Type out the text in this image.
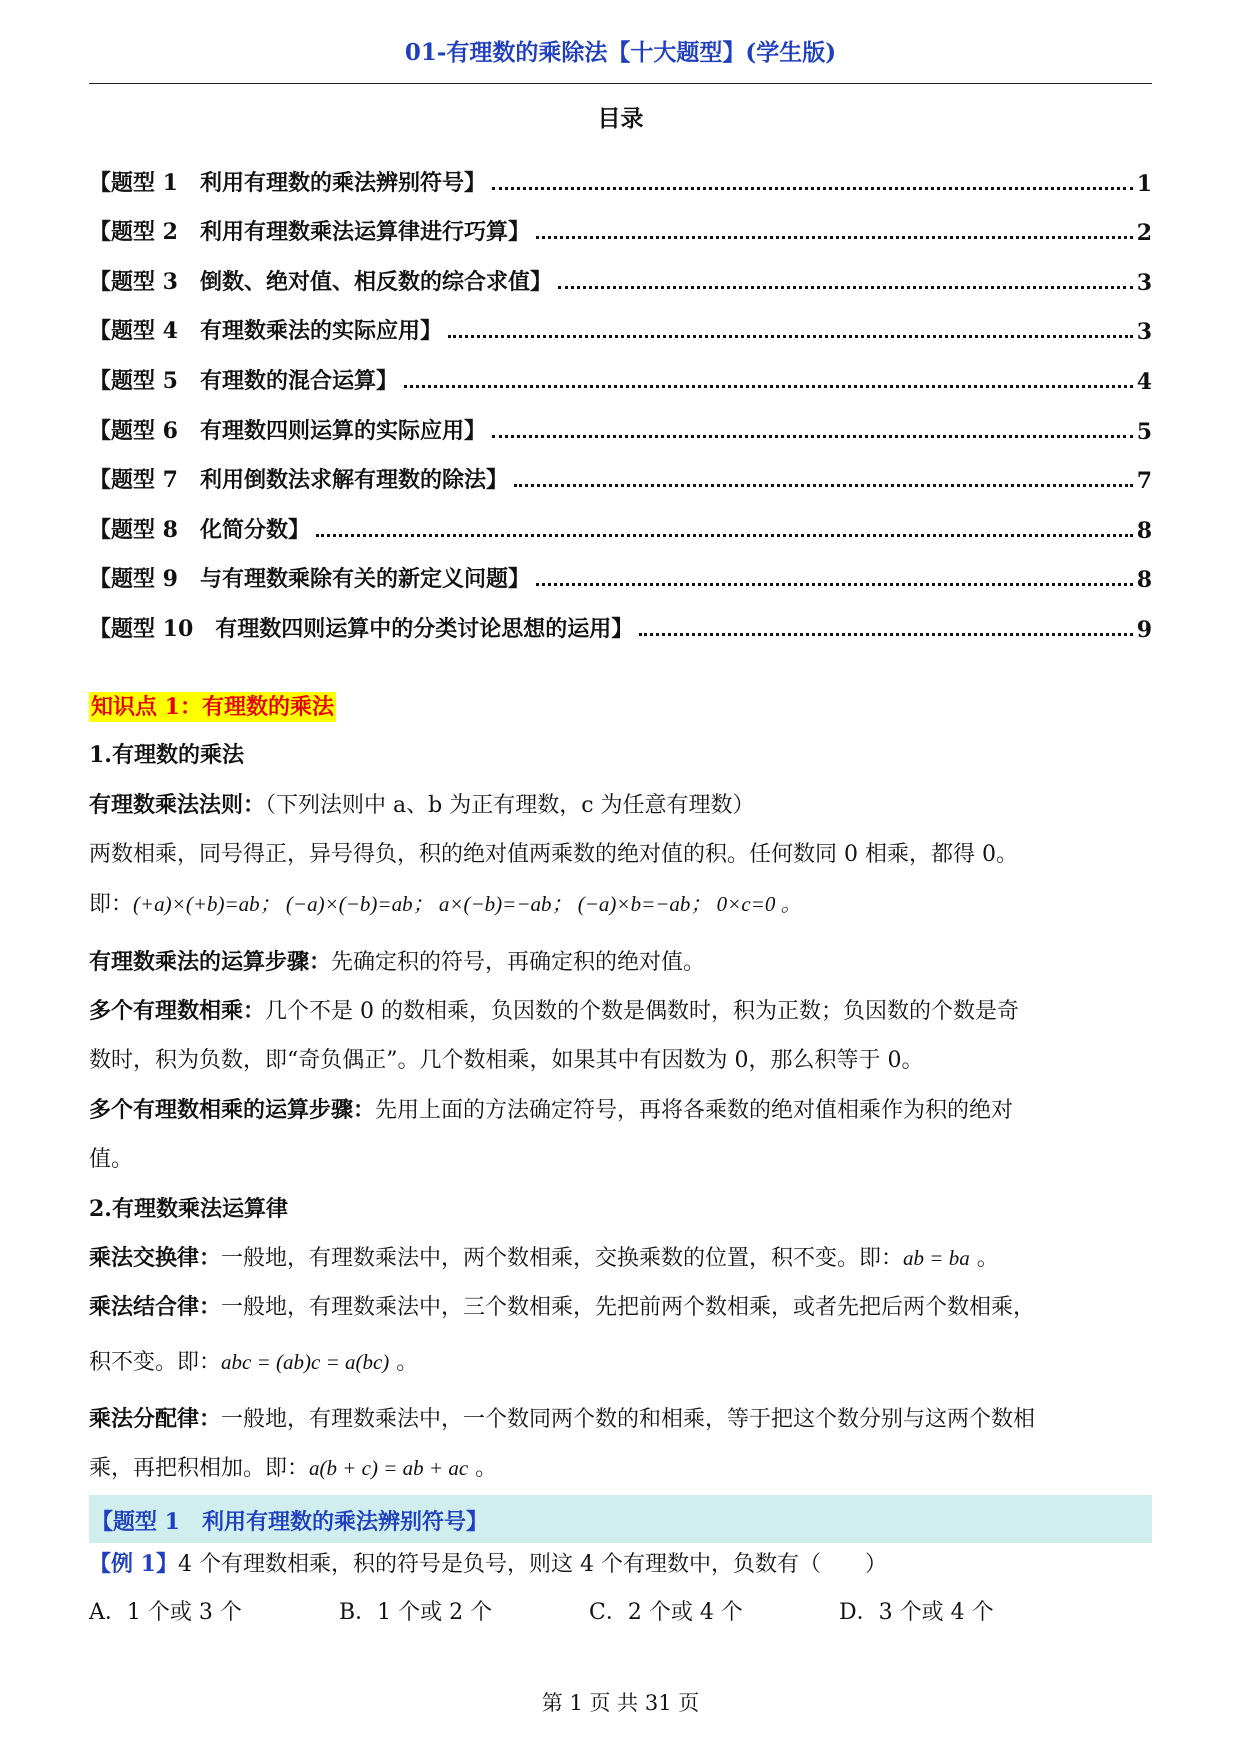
01-有理数的乘除法【十大题型】(学生版)
目录
【题型 1　利用有理数的乘法辨别符号】	1
【题型 2　利用有理数乘法运算律进行巧算】	2
【题型 3　倒数、绝对值、相反数的综合求值】	3
【题型 4　有理数乘法的实际应用】	3
【题型 5　有理数的混合运算】	4
【题型 6　有理数四则运算的实际应用】	5
【题型 7　利用倒数法求解有理数的除法】	7
【题型 8　化简分数】	8
【题型 9　与有理数乘除有关的新定义问题】	8
【题型 10　有理数四则运算中的分类讨论思想的运用】	9
知识点 1：有理数的乘法
1.有理数的乘法
有理数乘法法则：（下列法则中 a、b 为正有理数，c 为任意有理数）
两数相乘，同号得正，异号得负，积的绝对值两乘数的绝对值的积。任何数同 0 相乘，都得 0。
即：(+a)×(+b)=ab； (−a)×(−b)=ab； a×(−b)=−ab； (−a)×b=−ab； 0×c=0 。
有理数乘法的运算步骤：先确定积的符号，再确定积的绝对值。
多个有理数相乘：几个不是 0 的数相乘，负因数的个数是偶数时，积为正数；负因数的个数是奇
数时，积为负数，即“奇负偶正”。几个数相乘，如果其中有因数为 0，那么积等于 0。
多个有理数相乘的运算步骤：先用上面的方法确定符号，再将各乘数的绝对值相乘作为积的绝对
值。
2.有理数乘法运算律
乘法交换律：一般地，有理数乘法中，两个数相乘，交换乘数的位置，积不变。即：ab = ba 。
乘法结合律：一般地，有理数乘法中，三个数相乘，先把前两个数相乘，或者先把后两个数相乘，
积不变。即：abc = (ab)c = a(bc) 。
乘法分配律：一般地，有理数乘法中，一个数同两个数的和相乘，等于把这个数分别与这两个数相
乘，再把积相加。即：a(b + c) = ab + ac 。
【题型 1　利用有理数的乘法辨别符号】
【例 1】4 个有理数相乘，积的符号是负号，则这 4 个有理数中，负数有（　　）
A．1 个或 3 个	B．1 个或 2 个	C．2 个或 4 个	D．3 个或 4 个
第 1 页 共 31 页
